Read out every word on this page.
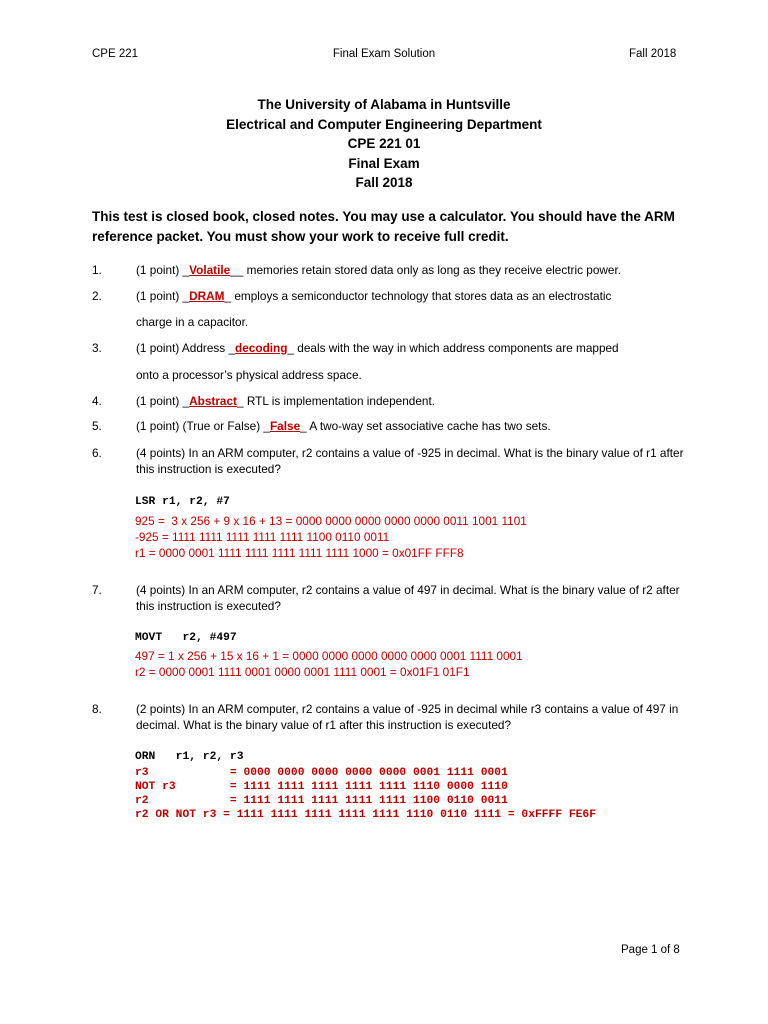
CPE 221	Final Exam Solution	Fall 2018
The University of Alabama in Huntsville
Electrical and Computer Engineering Department
CPE 221 01
Final Exam
Fall 2018
This test is closed book, closed notes. You may use a calculator. You should have the ARM reference packet. You must show your work to receive full credit.
1.	(1 point) _Volatile__ memories retain stored data only as long as they receive electric power.
2.	(1 point) _DRAM_ employs a semiconductor technology that stores data as an electrostatic
charge in a capacitor.
3.	(1 point) Address _decoding_ deals with the way in which address components are mapped
onto a processor’s physical address space.
4.	(1 point) _Abstract_ RTL is implementation independent.
5.	(1 point) (True or False) _False_ A two-way set associative cache has two sets.
6.	(4 points) In an ARM computer, r2 contains a value of -925 in decimal. What is the binary value of r1 after this instruction is executed?
LSR r1, r2, #7
925 =  3 x 256 + 9 x 16 + 13 = 0000 0000 0000 0000 0000 0011 1001 1101
-925 = 1111 1111 1111 1111 1111 1100 0110 0011
r1 = 0000 0001 1111 1111 1111 1111 1111 1000 = 0x01FF FFF8
7.	(4 points) In an ARM computer, r2 contains a value of 497 in decimal. What is the binary value of r2 after this instruction is executed?
MOVT   r2, #497
497 = 1 x 256 + 15 x 16 + 1 = 0000 0000 0000 0000 0000 0001 1111 0001
r2 = 0000 0001 1111 0001 0000 0001 1111 0001 = 0x01F1 01F1
8.	(2 points) In an ARM computer, r2 contains a value of -925 in decimal while r3 contains a value of 497 in decimal. What is the binary value of r1 after this instruction is executed?
ORN   r1, r2, r3
r3            = 0000 0000 0000 0000 0000 0001 1111 0001
NOT r3        = 1111 1111 1111 1111 1111 1110 0000 1110
r2            = 1111 1111 1111 1111 1111 1100 0110 0011
r2 OR NOT r3 = 1111 1111 1111 1111 1111 1110 0110 1111 = 0xFFFF FE6F
Page 1 of 8
